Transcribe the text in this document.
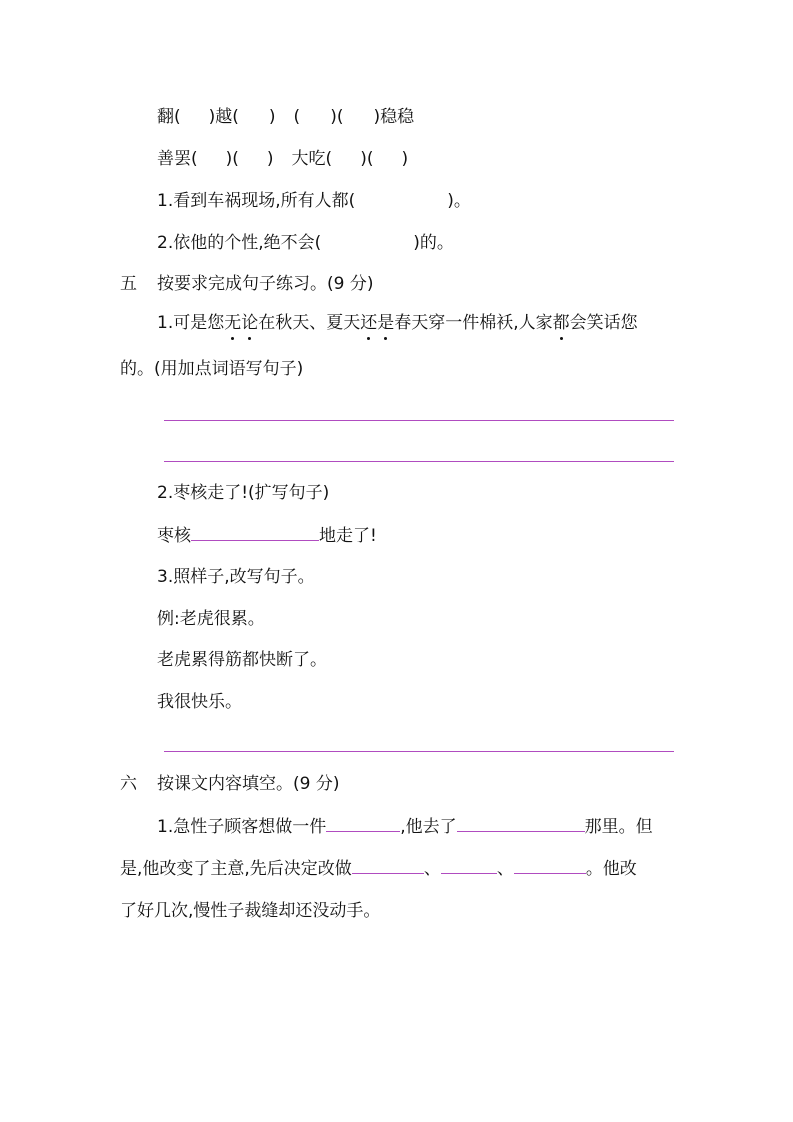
翻( )越( ) ( )( )稳稳
善罢( )( ) 大吃( )( )
1.看到车祸现场,所有人都(	)。
2.依他的个性,绝不会(	)的。
五 按要求完成句子练习。(9 分)
1.可是您无论在秋天、夏天还是春天穿一件棉袄,人家都会笑话您
的。(用加点词语写句子)
2.枣核走了!(扩写句子)
枣核	地走了!
3.照样子,改写句子。
例:老虎很累。
老虎累得筋都快断了。
我很快乐。
六 按课文内容填空。(9 分)
1.急性子顾客想做一件	,他去了	那里。但
是,他改变了主意,先后决定改做	、	、	。他改
了好几次,慢性子裁缝却还没动手。
